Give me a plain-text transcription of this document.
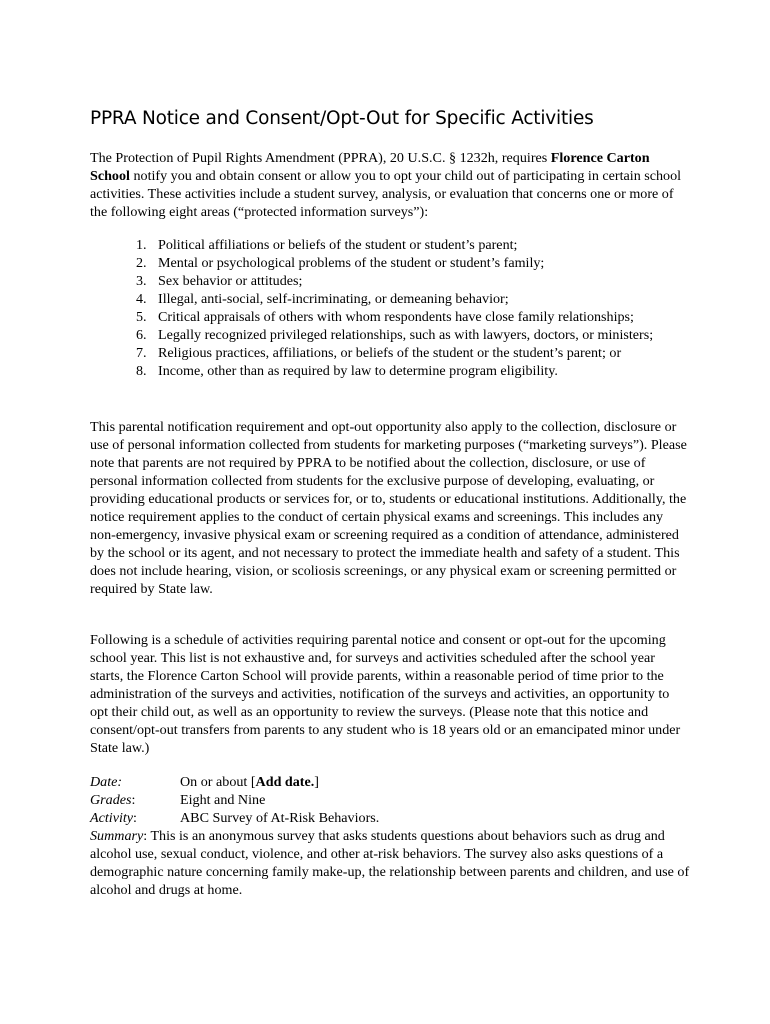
PPRA Notice and Consent/Opt-Out for Specific Activities

The Protection of Pupil Rights Amendment (PPRA), 20 U.S.C. § 1232h, requires Florence Carton School notify you and obtain consent or allow you to opt your child out of participating in certain school activities. These activities include a student survey, analysis, or evaluation that concerns one or more of the following eight areas (“protected information surveys”):

1. Political affiliations or beliefs of the student or student’s parent;
2. Mental or psychological problems of the student or student’s family;
3. Sex behavior or attitudes;
4. Illegal, anti-social, self-incriminating, or demeaning behavior;
5. Critical appraisals of others with whom respondents have close family relationships;
6. Legally recognized privileged relationships, such as with lawyers, doctors, or ministers;
7. Religious practices, affiliations, or beliefs of the student or the student’s parent; or
8. Income, other than as required by law to determine program eligibility.

This parental notification requirement and opt-out opportunity also apply to the collection, disclosure or use of personal information collected from students for marketing purposes (“marketing surveys”). Please note that parents are not required by PPRA to be notified about the collection, disclosure, or use of personal information collected from students for the exclusive purpose of developing, evaluating, or providing educational products or services for, or to, students or educational institutions. Additionally, the notice requirement applies to the conduct of certain physical exams and screenings. This includes any non-emergency, invasive physical exam or screening required as a condition of attendance, administered by the school or its agent, and not necessary to protect the immediate health and safety of a student. This does not include hearing, vision, or scoliosis screenings, or any physical exam or screening permitted or required by State law.

Following is a schedule of activities requiring parental notice and consent or opt-out for the upcoming school year. This list is not exhaustive and, for surveys and activities scheduled after the school year starts, the Florence Carton School will provide parents, within a reasonable period of time prior to the administration of the surveys and activities, notification of the surveys and activities, an opportunity to opt their child out, as well as an opportunity to review the surveys. (Please note that this notice and consent/opt-out transfers from parents to any student who is 18 years old or an emancipated minor under State law.)

Date:	On or about [Add date.]
Grades:	Eight and Nine
Activity:	ABC Survey of At-Risk Behaviors.

Summary: This is an anonymous survey that asks students questions about behaviors such as drug and alcohol use, sexual conduct, violence, and other at-risk behaviors. The survey also asks questions of a demographic nature concerning family make-up, the relationship between parents and children, and use of alcohol and drugs at home.
